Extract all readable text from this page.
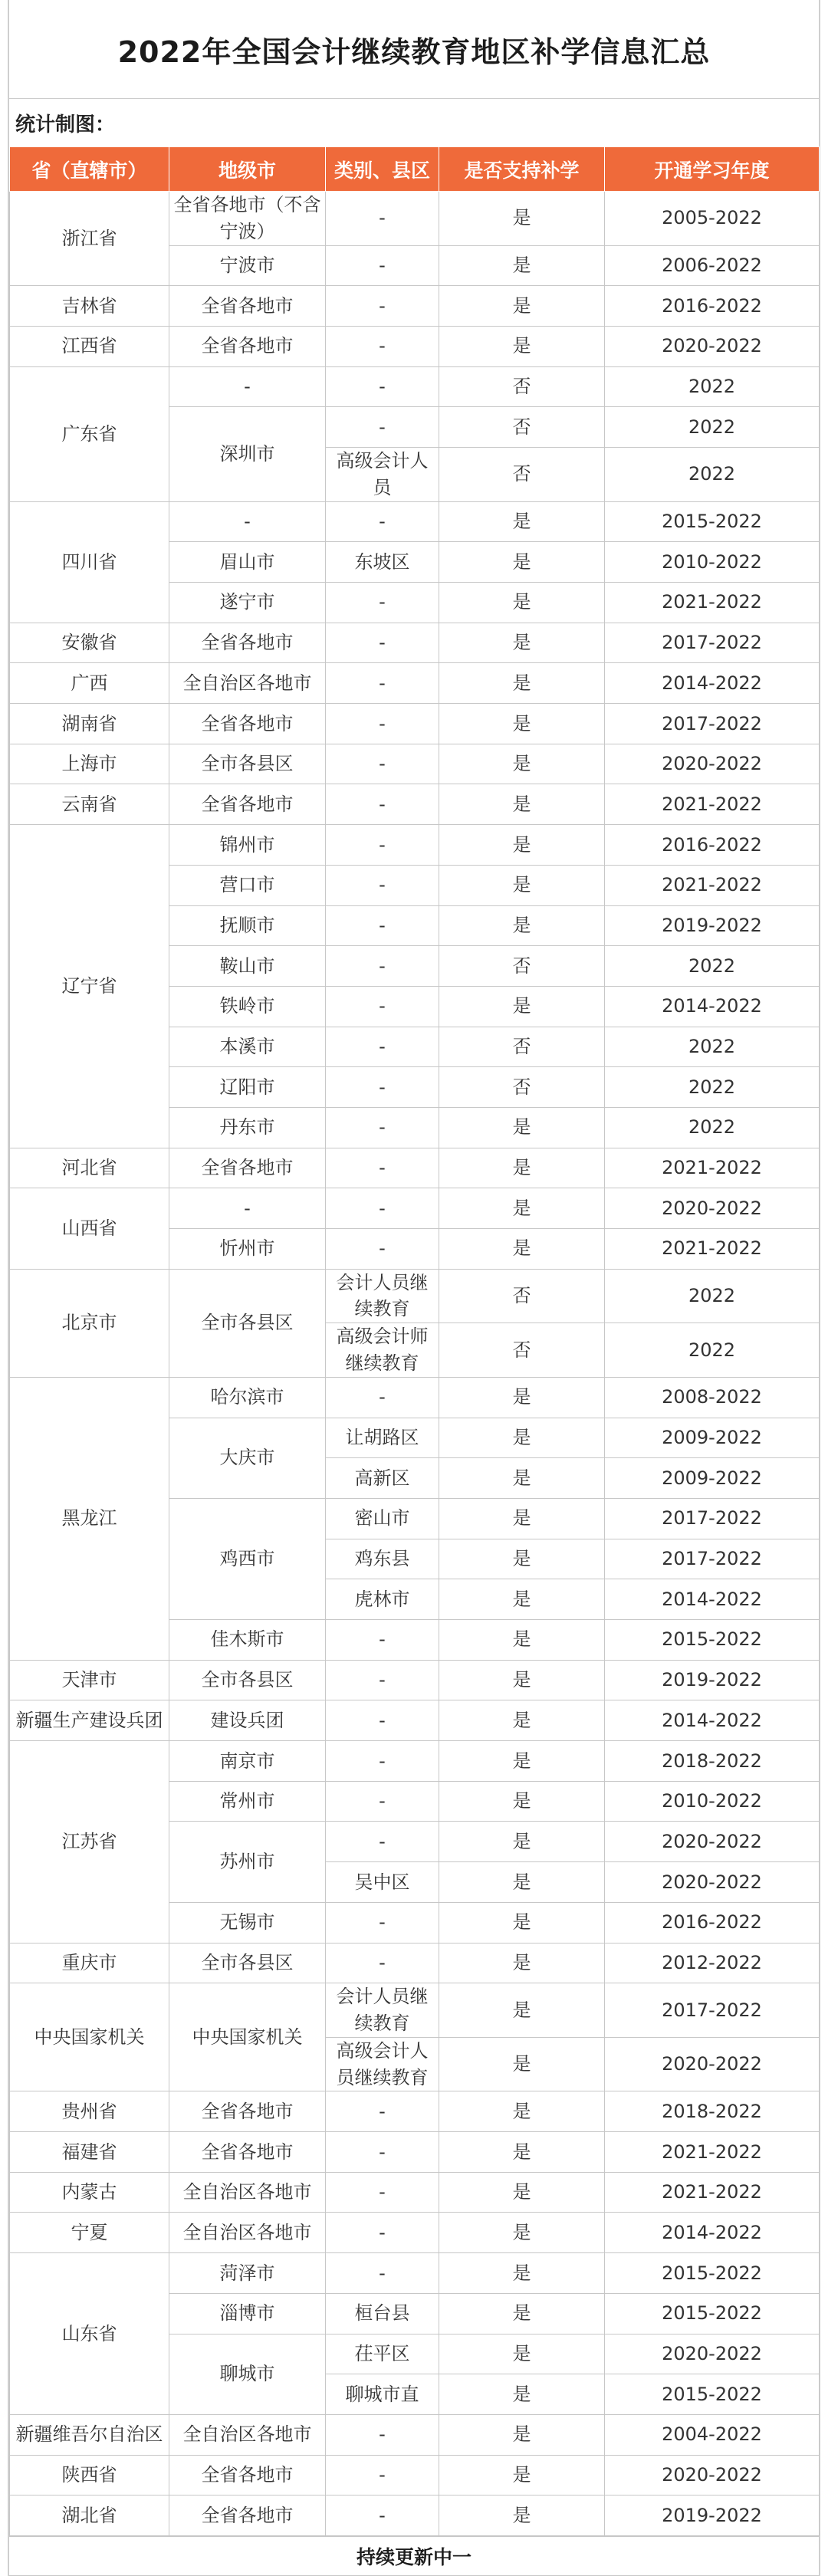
2022年全国会计继续教育地区补学信息汇总
统计制图：
省（直辖市）	地级市	类别、县区	是否支持补学	开通学习年度
浙江省	全省各地市（不含宁波）	-	是	2005-2022
	宁波市	-	是	2006-2022
吉林省	全省各地市	-	是	2016-2022
江西省	全省各地市	-	是	2020-2022
广东省	-	-	否	2022
	深圳市	-	否	2022
		高级会计人员	否	2022
四川省	-	-	是	2015-2022
	眉山市	东坡区	是	2010-2022
	遂宁市	-	是	2021-2022
安徽省	全省各地市	-	是	2017-2022
广西	全自治区各地市	-	是	2014-2022
湖南省	全省各地市	-	是	2017-2022
上海市	全市各县区	-	是	2020-2022
云南省	全省各地市	-	是	2021-2022
辽宁省	锦州市	-	是	2016-2022
	营口市	-	是	2021-2022
	抚顺市	-	是	2019-2022
	鞍山市	-	否	2022
	铁岭市	-	是	2014-2022
	本溪市	-	否	2022
	辽阳市	-	否	2022
	丹东市	-	是	2022
河北省	全省各地市	-	是	2021-2022
山西省	-	-	是	2020-2022
	忻州市	-	是	2021-2022
北京市	全市各县区	会计人员继续教育	否	2022
		高级会计师继续教育	否	2022
黑龙江	哈尔滨市	-	是	2008-2022
	大庆市	让胡路区	是	2009-2022
		高新区	是	2009-2022
	鸡西市	密山市	是	2017-2022
		鸡东县	是	2017-2022
		虎林市	是	2014-2022
	佳木斯市	-	是	2015-2022
天津市	全市各县区	-	是	2019-2022
新疆生产建设兵团	建设兵团	-	是	2014-2022
江苏省	南京市	-	是	2018-2022
	常州市	-	是	2010-2022
	苏州市	-	是	2020-2022
		吴中区	是	2020-2022
	无锡市	-	是	2016-2022
重庆市	全市各县区	-	是	2012-2022
中央国家机关	中央国家机关	会计人员继续教育	是	2017-2022
		高级会计人员继续教育	是	2020-2022
贵州省	全省各地市	-	是	2018-2022
福建省	全省各地市	-	是	2021-2022
内蒙古	全自治区各地市	-	是	2021-2022
宁夏	全自治区各地市	-	是	2014-2022
山东省	菏泽市	-	是	2015-2022
	淄博市	桓台县	是	2015-2022
	聊城市	茌平区	是	2020-2022
		聊城市直	是	2015-2022
新疆维吾尔自治区	全自治区各地市	-	是	2004-2022
陕西省	全省各地市	-	是	2020-2022
湖北省	全省各地市	-	是	2019-2022
持续更新中一
